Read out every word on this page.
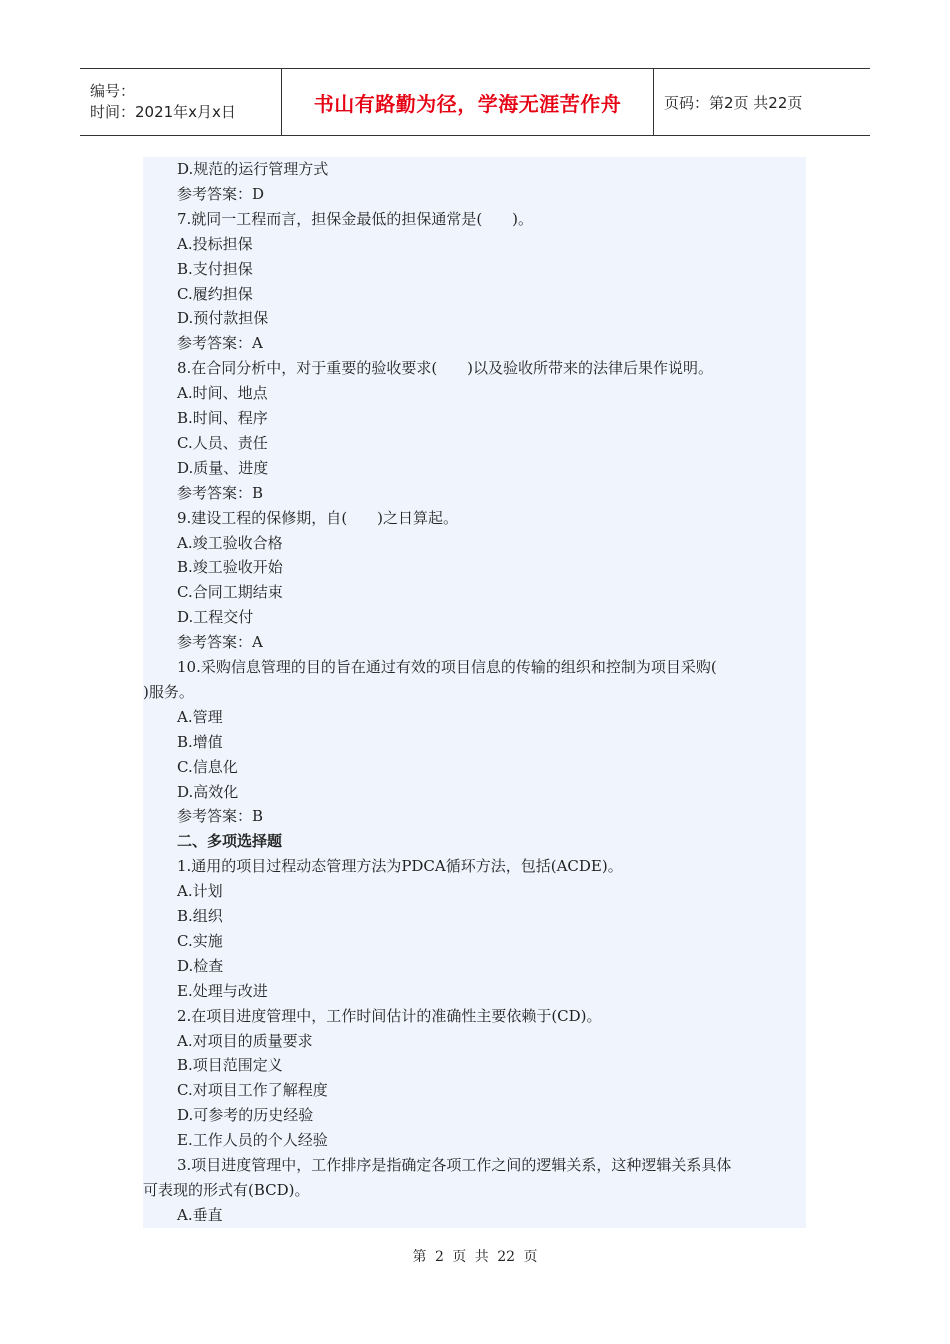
编号：
时间：2021年x月x日	书山有路勤为径，学海无涯苦作舟	页码：第2页 共22页
D.规范的运行管理方式
参考答案：D
7.就同一工程而言，担保金最低的担保通常是(　　)。
A.投标担保
B.支付担保
C.履约担保
D.预付款担保
参考答案：A
8.在合同分析中，对于重要的验收要求(　　)以及验收所带来的法律后果作说明。
A.时间、地点
B.时间、程序
C.人员、责任
D.质量、进度
参考答案：B
9.建设工程的保修期，自(　　)之日算起。
A.竣工验收合格
B.竣工验收开始
C.合同工期结束
D.工程交付
参考答案：A
10.采购信息管理的目的旨在通过有效的项目信息的传输的组织和控制为项目采购(
)服务。
A.管理
B.增值
C.信息化
D.高效化
参考答案：B
二、多项选择题
1.通用的项目过程动态管理方法为PDCA循环方法，包括(ACDE)。
A.计划
B.组织
C.实施
D.检查
E.处理与改进
2.在项目进度管理中，工作时间估计的准确性主要依赖于(CD)。
A.对项目的质量要求
B.项目范围定义
C.对项目工作了解程度
D.可参考的历史经验
E.工作人员的个人经验
3.项目进度管理中，工作排序是指确定各项工作之间的逻辑关系，这种逻辑关系具体
可表现的形式有(BCD)。
A.垂直
第 2 页 共 22 页
